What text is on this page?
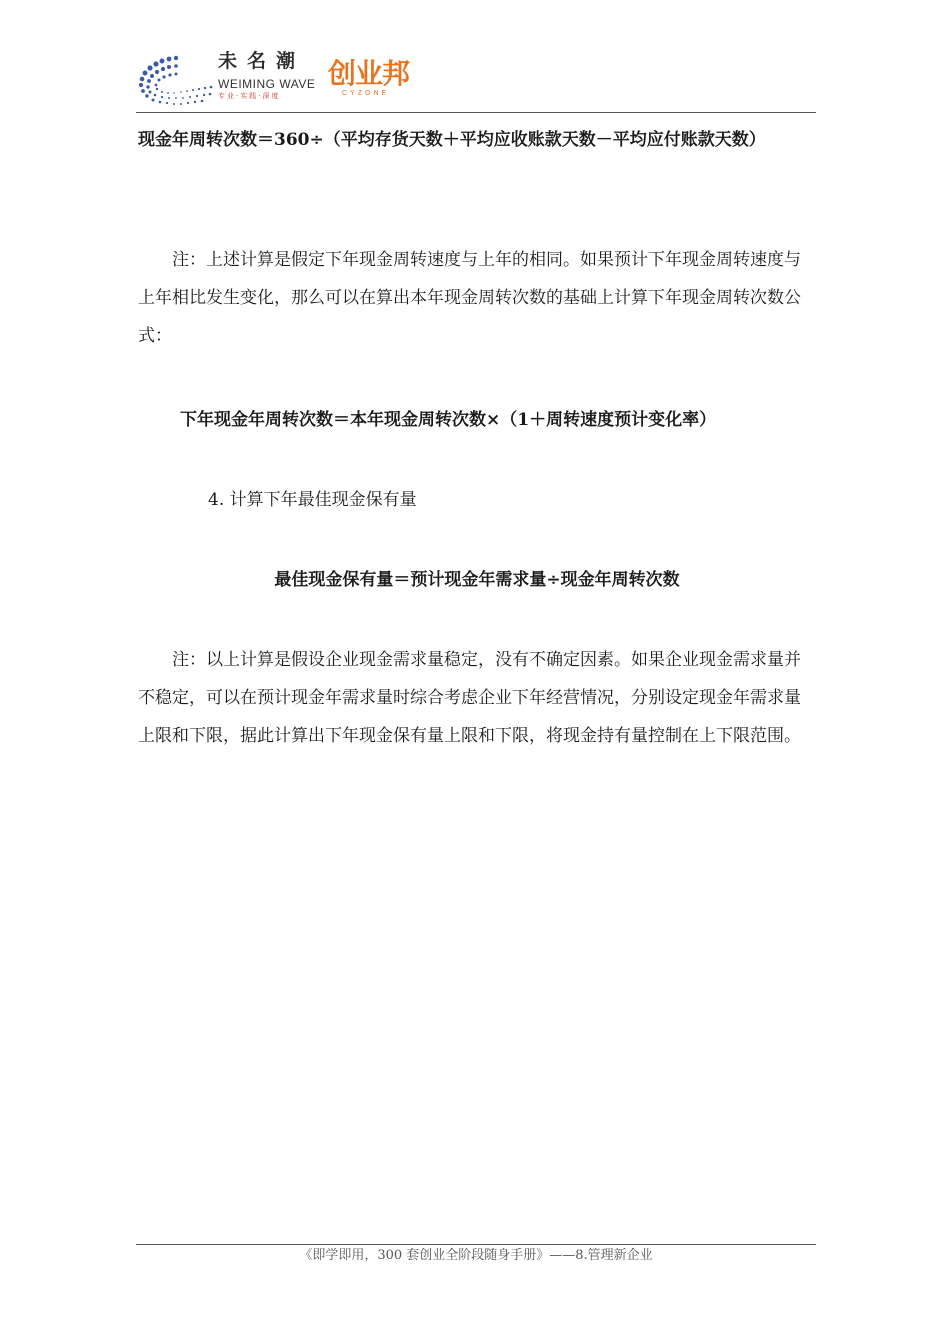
未名潮
WEIMING WAVE
专业·实践·深度
创业邦
CYZONE

现金年周转次数＝360÷（平均存货天数＋平均应收账款天数－平均应付账款天数）

注：上述计算是假定下年现金周转速度与上年的相同。如果预计下年现金周转速度与上年相比发生变化，那么可以在算出本年现金周转次数的基础上计算下年现金周转次数公式：

下年现金年周转次数＝本年现金周转次数×（1＋周转速度预计变化率）

4. 计算下年最佳现金保有量

最佳现金保有量＝预计现金年需求量÷现金年周转次数

注：以上计算是假设企业现金需求量稳定，没有不确定因素。如果企业现金需求量并不稳定，可以在预计现金年需求量时综合考虑企业下年经营情况，分别设定现金年需求量上限和下限，据此计算出下年现金保有量上限和下限，将现金持有量控制在上下限范围。

《即学即用，300 套创业全阶段随身手册》——8.管理新企业
